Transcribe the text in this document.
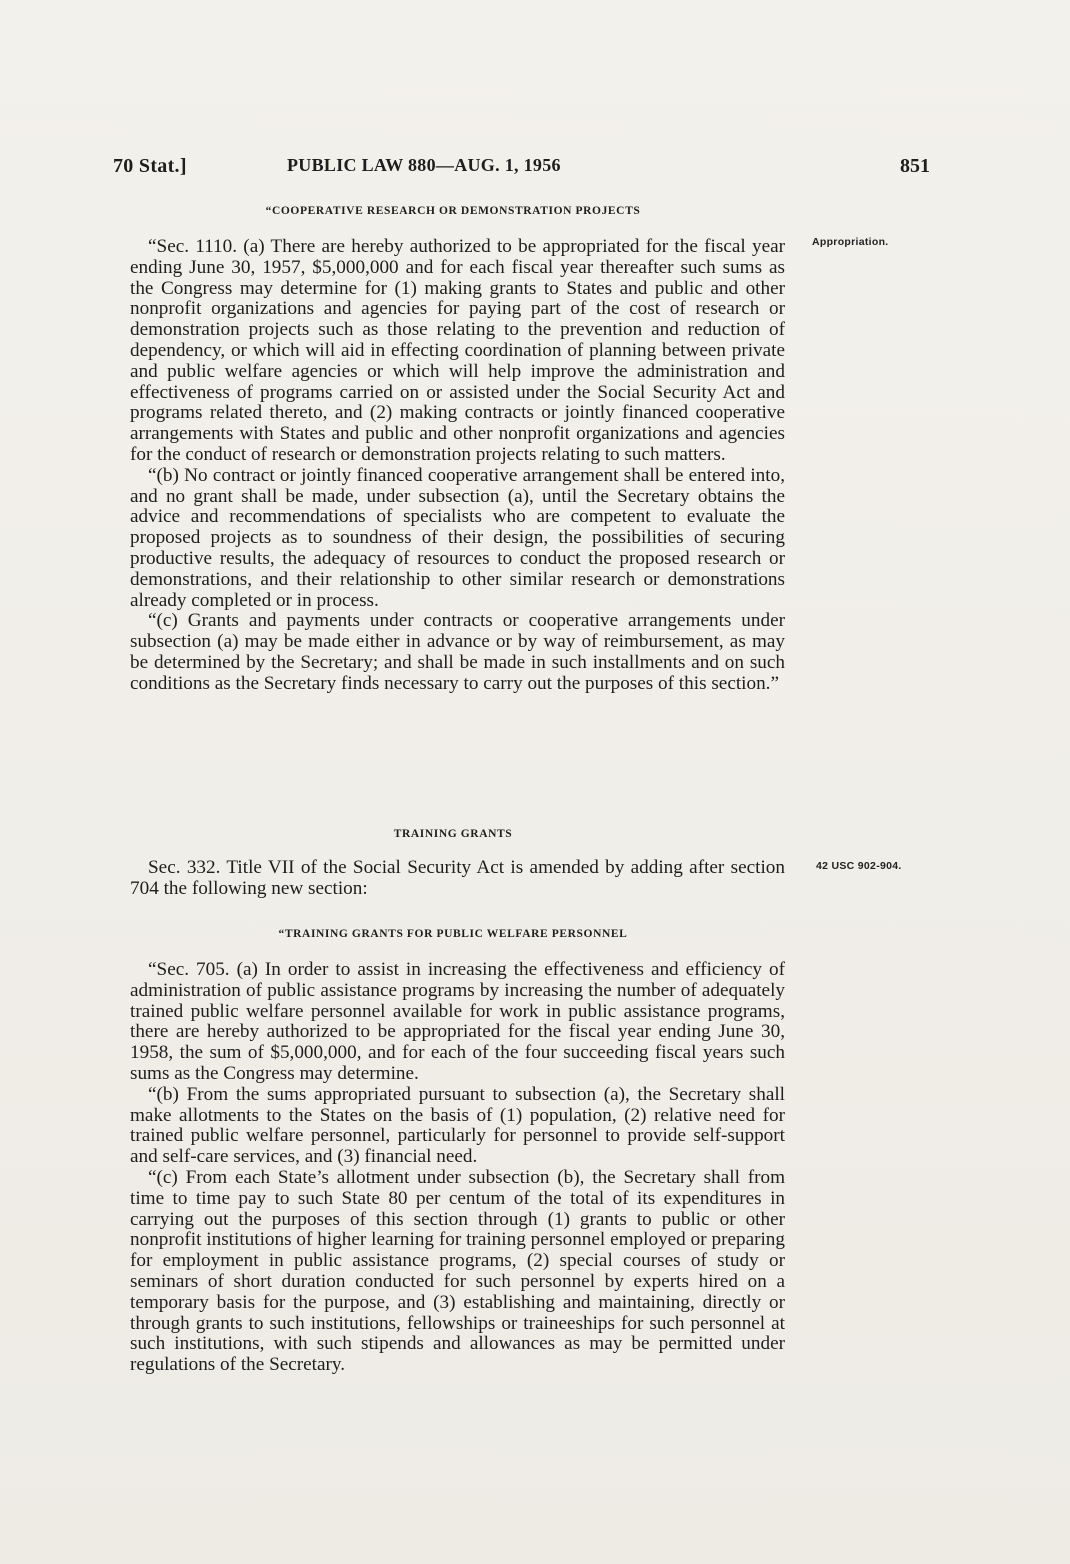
70 Stat.]	PUBLIC LAW 880—AUG. 1, 1956	851
“COOPERATIVE RESEARCH OR DEMONSTRATION PROJECTS

“Sec. 1110. (a) There are hereby authorized to be appropriated for the fiscal year ending June 30, 1957, $5,000,000 and for each fiscal year thereafter such sums as the Congress may determine for (1) making grants to States and public and other nonprofit organizations and agencies for paying part of the cost of research or demonstration projects such as those relating to the prevention and reduction of dependency, or which will aid in effecting coordination of planning between private and public welfare agencies or which will help improve the administration and effectiveness of programs carried on or assisted under the Social Security Act and programs related thereto, and (2) making contracts or jointly financed cooperative arrangements with States and public and other nonprofit organizations and agencies for the conduct of research or demonstration projects relating to such matters.

“(b) No contract or jointly financed cooperative arrangement shall be entered into, and no grant shall be made, under subsection (a), until the Secretary obtains the advice and recommendations of specialists who are competent to evaluate the proposed projects as to soundness of their design, the possibilities of securing productive results, the adequacy of resources to conduct the proposed research or demonstrations, and their relationship to other similar research or demonstrations already completed or in process.

“(c) Grants and payments under contracts or cooperative arrangements under subsection (a) may be made either in advance or by way of reimbursement, as may be determined by the Secretary; and shall be made in such installments and on such conditions as the Secretary finds necessary to carry out the purposes of this section.”

TRAINING GRANTS

Sec. 332. Title VII of the Social Security Act is amended by adding after section 704 the following new section:

“TRAINING GRANTS FOR PUBLIC WELFARE PERSONNEL

“Sec. 705. (a) In order to assist in increasing the effectiveness and efficiency of administration of public assistance programs by increasing the number of adequately trained public welfare personnel available for work in public assistance programs, there are hereby authorized to be appropriated for the fiscal year ending June 30, 1958, the sum of $5,000,000, and for each of the four succeeding fiscal years such sums as the Congress may determine.

“(b) From the sums appropriated pursuant to subsection (a), the Secretary shall make allotments to the States on the basis of (1) population, (2) relative need for trained public welfare personnel, particularly for personnel to provide self-support and self-care services, and (3) financial need.

“(c) From each State’s allotment under subsection (b), the Secretary shall from time to time pay to such State 80 per centum of the total of its expenditures in carrying out the purposes of this section through (1) grants to public or other nonprofit institutions of higher learning for training personnel employed or preparing for employment in public assistance programs, (2) special courses of study or seminars of short duration conducted for such personnel by experts hired on a temporary basis for the purpose, and (3) establishing and maintaining, directly or through grants to such institutions, fellowships or traineeships for such personnel at such institutions, with such stipends and allowances as may be permitted under regulations of the Secretary.

Appropriation.
42 USC 902-904.
